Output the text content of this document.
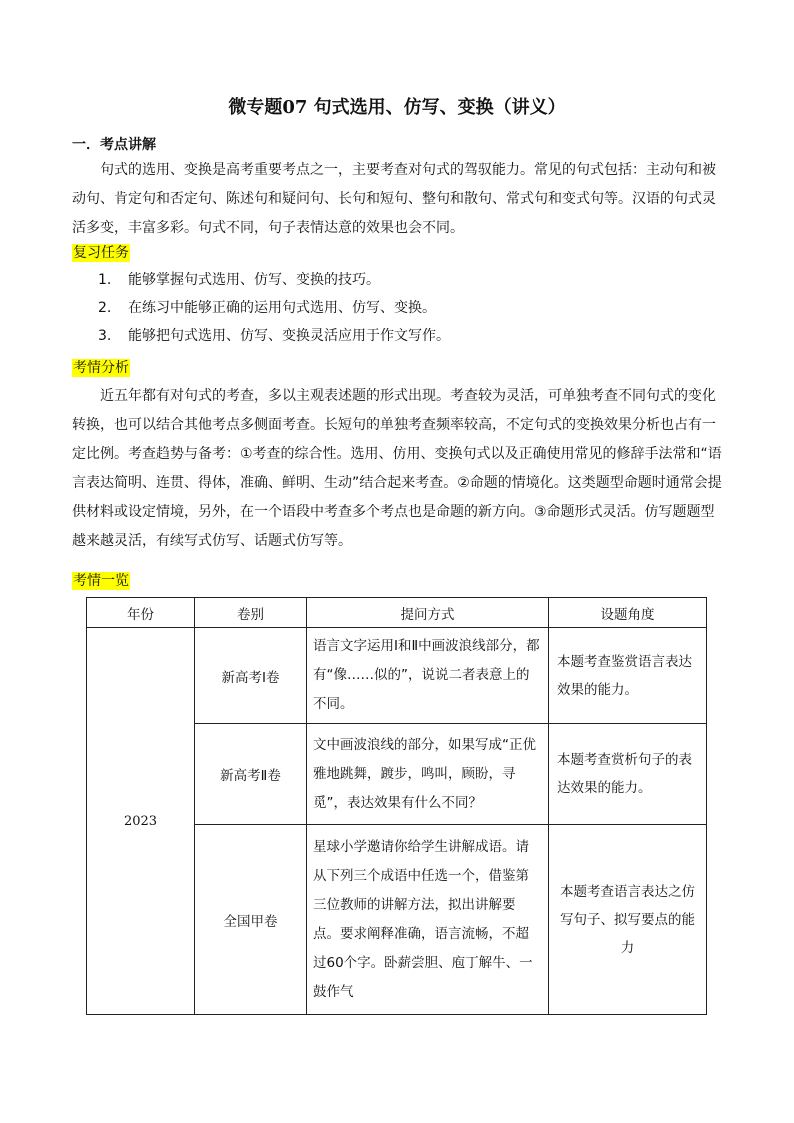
微专题07 句式选用、仿写、变换（讲义）
一．考点讲解
句式的选用、变换是高考重要考点之一，主要考查对句式的驾驭能力。常见的句式包括：主动句和被动句、肯定句和否定句、陈述句和疑问句、长句和短句、整句和散句、常式句和变式句等。汉语的句式灵活多变，丰富多彩。句式不同，句子表情达意的效果也会不同。
复习任务
1.	能够掌握句式选用、仿写、变换的技巧。
2.	在练习中能够正确的运用句式选用、仿写、变换。
3.	能够把句式选用、仿写、变换灵活应用于作文写作。
考情分析
近五年都有对句式的考查，多以主观表述题的形式出现。考查较为灵活，可单独考查不同句式的变化转换，也可以结合其他考点多侧面考查。长短句的单独考查频率较高，不定句式的变换效果分析也占有一定比例。考查趋势与备考：①考查的综合性。选用、仿用、变换句式以及正确使用常见的修辞手法常和“语言表达简明、连贯、得体，准确、鲜明、生动”结合起来考查。②命题的情境化。这类题型命题时通常会提供材料或设定情境，另外，在一个语段中考查多个考点也是命题的新方向。③命题形式灵活。仿写题题型越来越灵活，有续写式仿写、话题式仿写等。
考情一览
年份	卷别	提问方式	设题角度
2023	新高考Ⅰ卷	语言文字运用Ⅰ和Ⅱ中画波浪线部分，都有“像……似的”，说说二者表意上的不同。	本题考查鉴赏语言表达效果的能力。
	新高考Ⅱ卷	文中画波浪线的部分，如果写成“正优雅地跳舞，踱步，鸣叫，顾盼，寻觅”，表达效果有什么不同？	本题考查赏析句子的表达效果的能力。
	全国甲卷	星球小学邀请你给学生讲解成语。请从下列三个成语中任选一个，借鉴第三位教师的讲解方法，拟出讲解要点。要求阐释准确，语言流畅，不超过60个字。卧薪尝胆、庖丁解牛、一鼓作气	本题考查语言表达之仿写句子、拟写要点的能力
